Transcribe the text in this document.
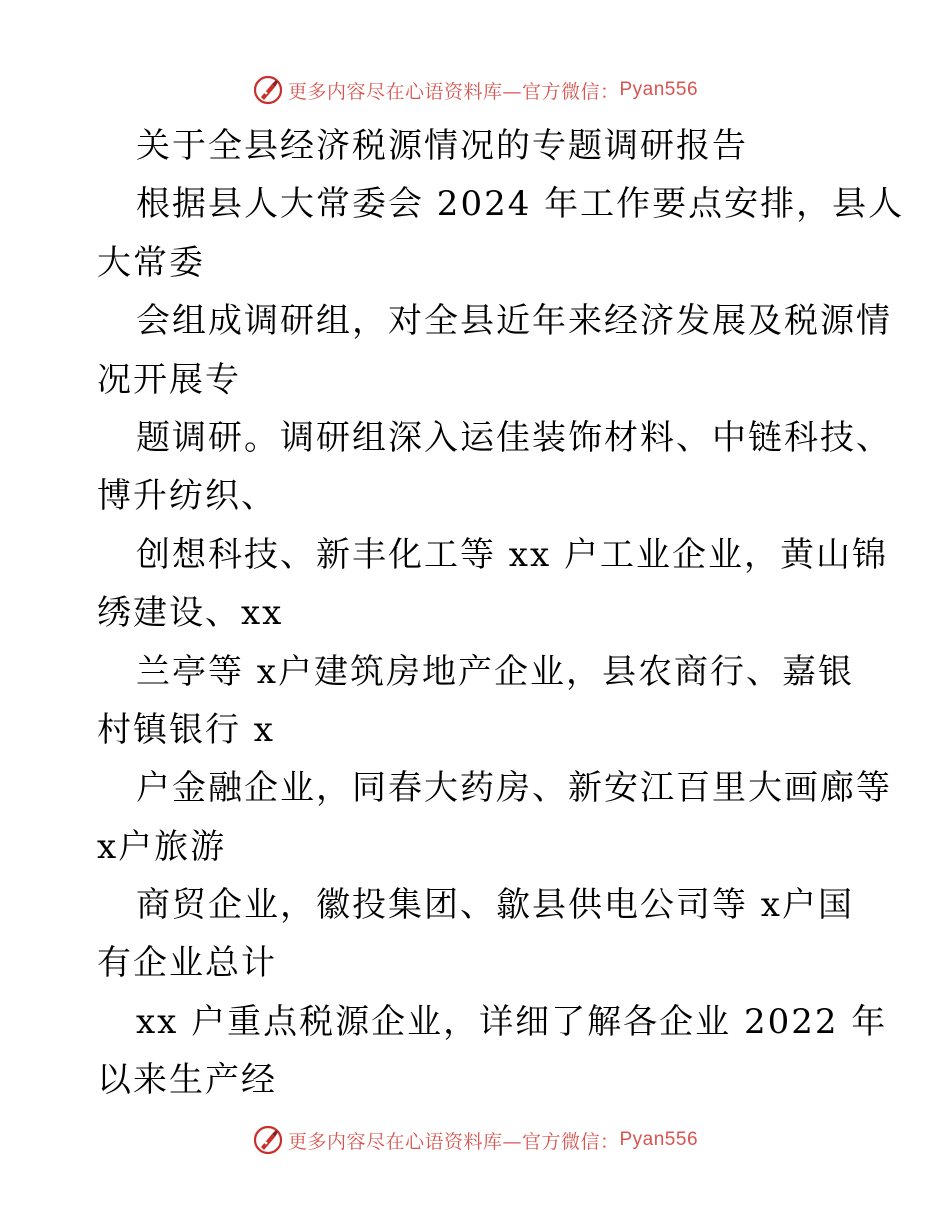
更多内容尽在心语资料库—官方微信： Pyan556
关于全县经济税源情况的专题调研报告
根据县人大常委会 2024 年工作要点安排，县人
大常委
会组成调研组，对全县近年来经济发展及税源情
况开展专
题调研。调研组深入运佳装饰材料、中链科技、
博升纺织、
创想科技、新丰化工等 xx 户工业企业，黄山锦
绣建设、xx
兰亭等 x户建筑房地产企业，县农商行、嘉银
村镇银行 x
户金融企业，同春大药房、新安江百里大画廊等
x户旅游
商贸企业，徽投集团、歙县供电公司等 x户国
有企业总计
xx 户重点税源企业，详细了解各企业 2022 年
以来生产经
更多内容尽在心语资料库—官方微信： Pyan556
